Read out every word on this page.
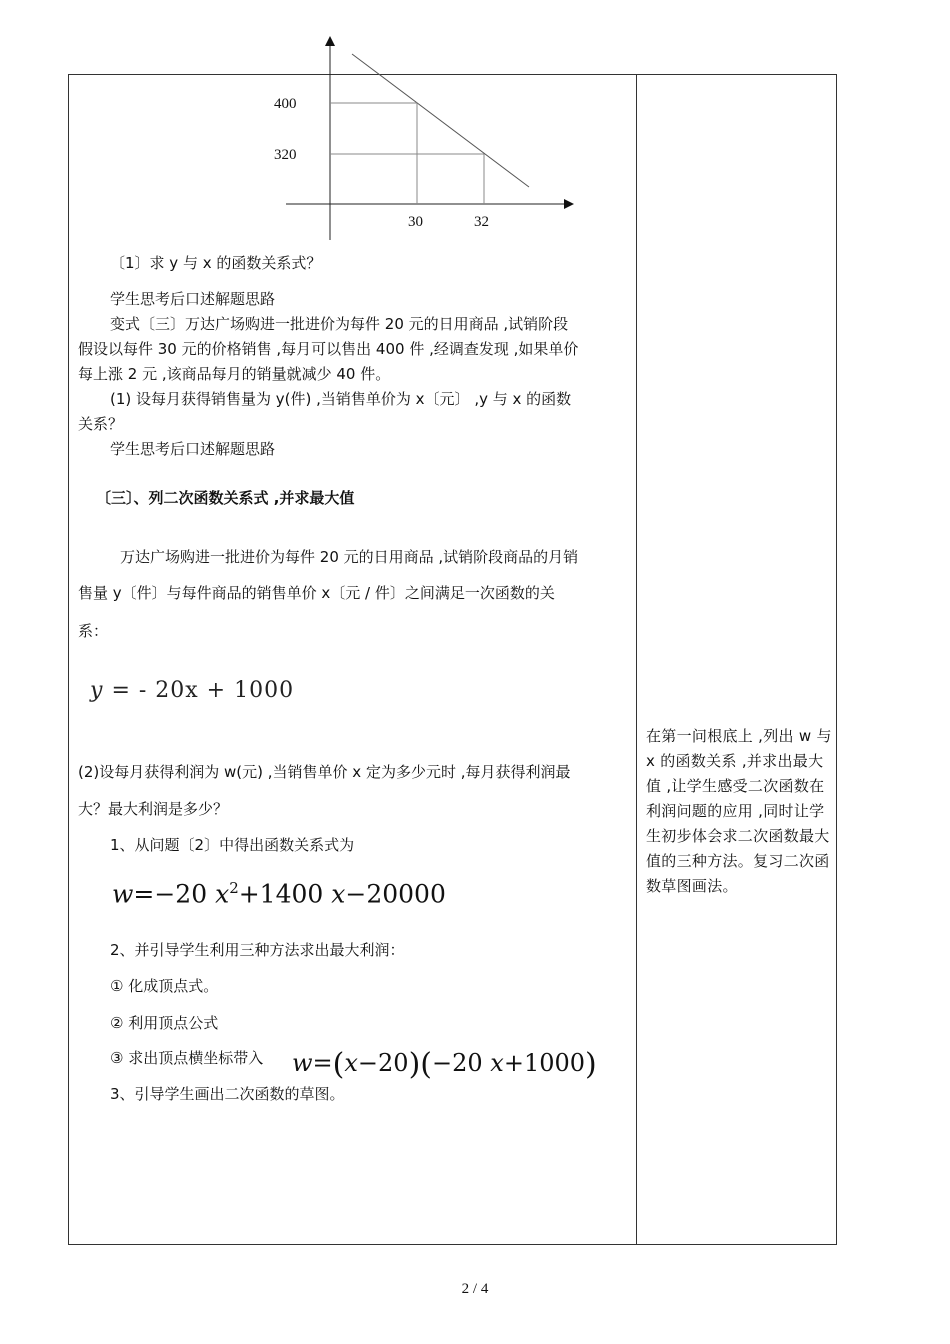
400
320
30	32
〔1〕求 y 与 x 的函数关系式？
学生思考后口述解题思路
变式〔三〕万达广场购进一批进价为每件 20 元的日用商品 ,试销阶段
假设以每件 30 元的价格销售 ,每月可以售出 400 件 ,经调查发现 ,如果单价
每上涨 2 元 ,该商品每月的销量就减少 40 件。
(1) 设每月获得销售量为 y(件) ,当销售单价为 x〔元〕 ,y 与 x 的函数
关系？
学生思考后口述解题思路
〔三〕、列二次函数关系式 ,并求最大值
万达广场购进一批进价为每件 20 元的日用商品 ,试销阶段商品的月销
售量 y〔件〕与每件商品的销售单价 x〔元 / 件〕之间满足一次函数的关
系：
y = - 20x + 1000
(2)设每月获得利润为 w(元) ,当销售单价 x 定为多少元时 ,每月获得利润最
大？最大利润是多少？
1、从问题〔2〕中得出函数关系式为
w=−20 $x^2+1400$ x−20000
2、并引导学生利用三种方法求出最大利润：
① 化成顶点式。
② 利用顶点公式
③ 求出顶点横坐标带入 w=(x−20)(−20 x+1000)
3、引导学生画出二次函数的草图。
在第一问根底上 ,列出 w 与 x 的函数关系 ,并求出最大值 ,让学生感受二次函数在利润问题的应用 ,同时让学生初步体会求二次函数最大值的三种方法。复习二次函数草图画法。
2 / 4
